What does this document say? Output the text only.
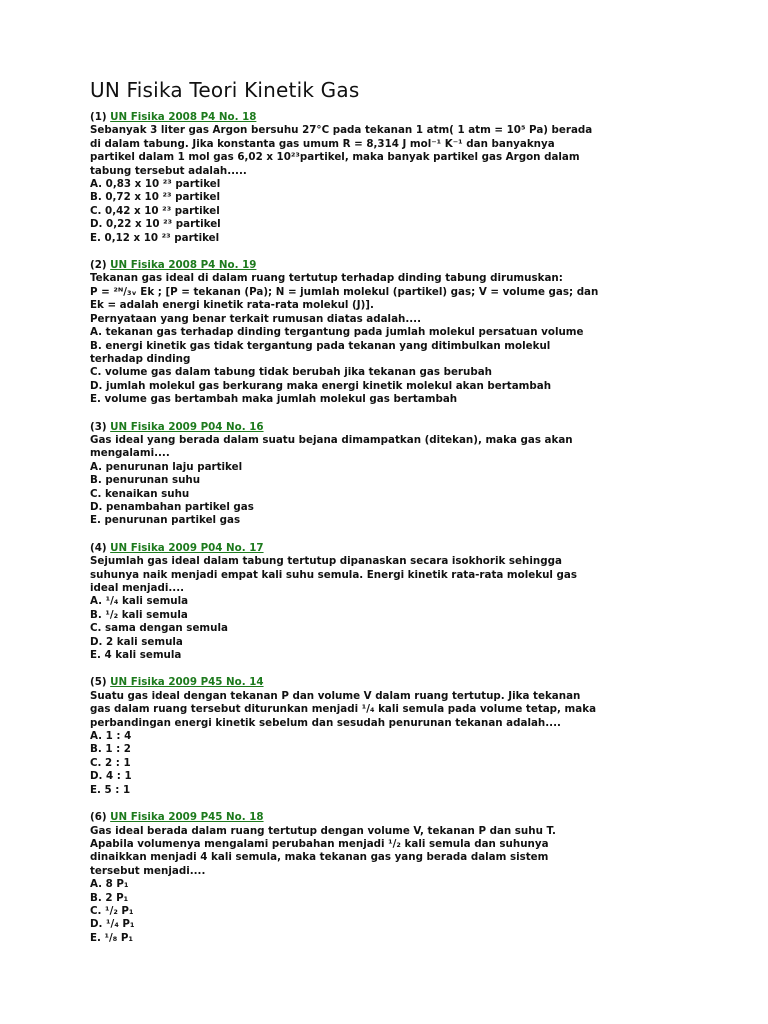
UN Fisika Teori Kinetik Gas
(1) UN Fisika 2008 P4 No. 18
Sebanyak 3 liter gas Argon bersuhu 27°C pada tekanan 1 atm( 1 atm = 10⁵ Pa) berada
di dalam tabung. Jika konstanta gas umum R = 8,314 J mol⁻¹ K⁻¹ dan banyaknya
partikel dalam 1 mol gas 6,02 x 10²³partikel, maka banyak partikel gas Argon dalam
tabung tersebut adalah.....
A. 0,83 x 10 ²³ partikel
B. 0,72 x 10 ²³ partikel
C. 0,42 x 10 ²³ partikel
D. 0,22 x 10 ²³ partikel
E. 0,12 x 10 ²³ partikel
(2) UN Fisika 2008 P4 No. 19
Tekanan gas ideal di dalam ruang tertutup terhadap dinding tabung dirumuskan:
P = ²ᴺ/₃ᵥ Ek ; [P = tekanan (Pa); N = jumlah molekul (partikel) gas; V = volume gas; dan
Ek = adalah energi kinetik rata-rata molekul (J)].
Pernyataan yang benar terkait rumusan diatas adalah....
A. tekanan gas terhadap dinding tergantung pada jumlah molekul persatuan volume
B. energi kinetik gas tidak tergantung pada tekanan yang ditimbulkan molekul
terhadap dinding
C. volume gas dalam tabung tidak berubah jika tekanan gas berubah
D. jumlah molekul gas berkurang maka energi kinetik molekul akan bertambah
E. volume gas bertambah maka jumlah molekul gas bertambah
(3) UN Fisika 2009 P04 No. 16
Gas ideal yang berada dalam suatu bejana dimampatkan (ditekan), maka gas akan
mengalami....
A. penurunan laju partikel
B. penurunan suhu
C. kenaikan suhu
D. penambahan partikel gas
E. penurunan partikel gas
(4) UN Fisika 2009 P04 No. 17
Sejumlah gas ideal dalam tabung tertutup dipanaskan secara isokhorik sehingga
suhunya naik menjadi empat kali suhu semula. Energi kinetik rata-rata molekul gas
ideal menjadi....
A. ¹/₄ kali semula
B. ¹/₂ kali semula
C. sama dengan semula
D. 2 kali semula
E. 4 kali semula
(5) UN Fisika 2009 P45 No. 14
Suatu gas ideal dengan tekanan P dan volume V dalam ruang tertutup. Jika tekanan
gas dalam ruang tersebut diturunkan menjadi ¹/₄ kali semula pada volume tetap, maka
perbandingan energi kinetik sebelum dan sesudah penurunan tekanan adalah....
A. 1 : 4
B. 1 : 2
C. 2 : 1
D. 4 : 1
E. 5 : 1
(6) UN Fisika 2009 P45 No. 18
Gas ideal berada dalam ruang tertutup dengan volume V, tekanan P dan suhu T.
Apabila volumenya mengalami perubahan menjadi ¹/₂ kali semula dan suhunya
dinaikkan menjadi 4 kali semula, maka tekanan gas yang berada dalam sistem
tersebut menjadi....
A. 8 P₁
B. 2 P₁
C. ¹/₂ P₁
D. ¹/₄ P₁
E. ¹/₈ P₁
